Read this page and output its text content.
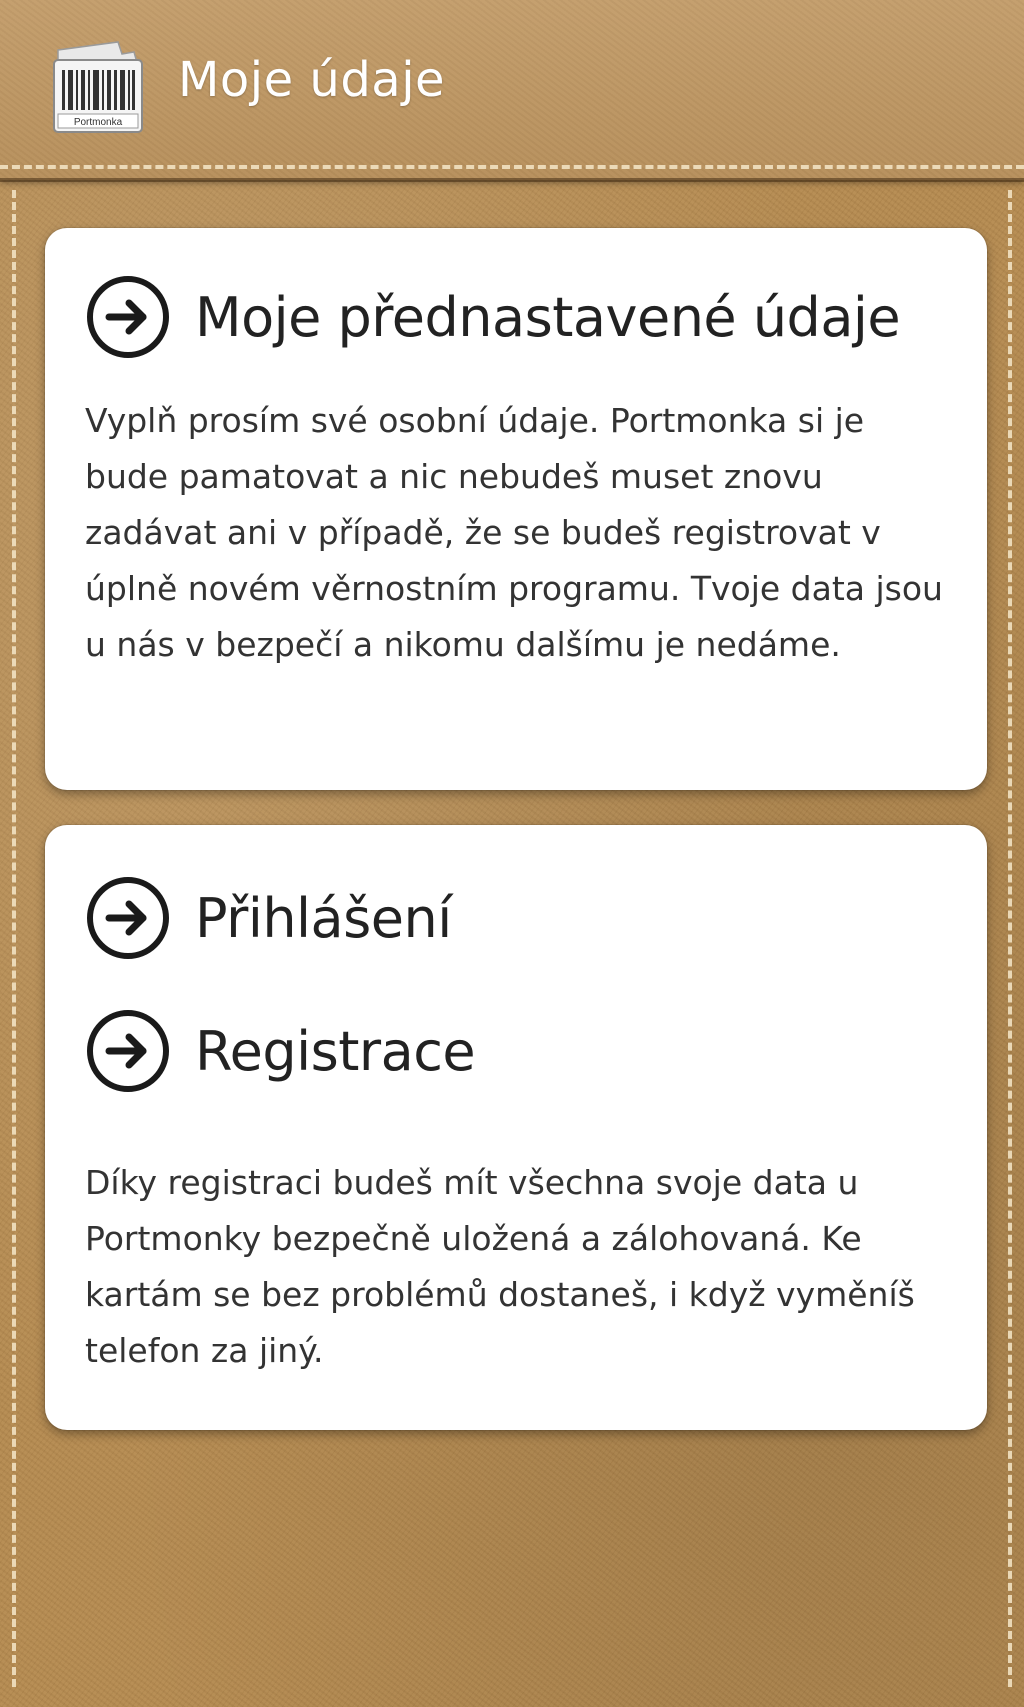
Portmonka
Moje údaje
Moje přednastavené údaje
Vyplň prosím své osobní údaje. Portmonka si je bude pamatovat a nic nebudeš muset znovu zadávat ani v případě, že se budeš registrovat v úplně novém věrnostním programu. Tvoje data jsou u nás v bezpečí a nikomu dalšímu je nedáme.
Přihlášení
Registrace
Díky registraci budeš mít všechna svoje data u Portmonky bezpečně uložená a zálohovaná. Ke kartám se bez problémů dostaneš, i když vyměníš telefon za jiný.
